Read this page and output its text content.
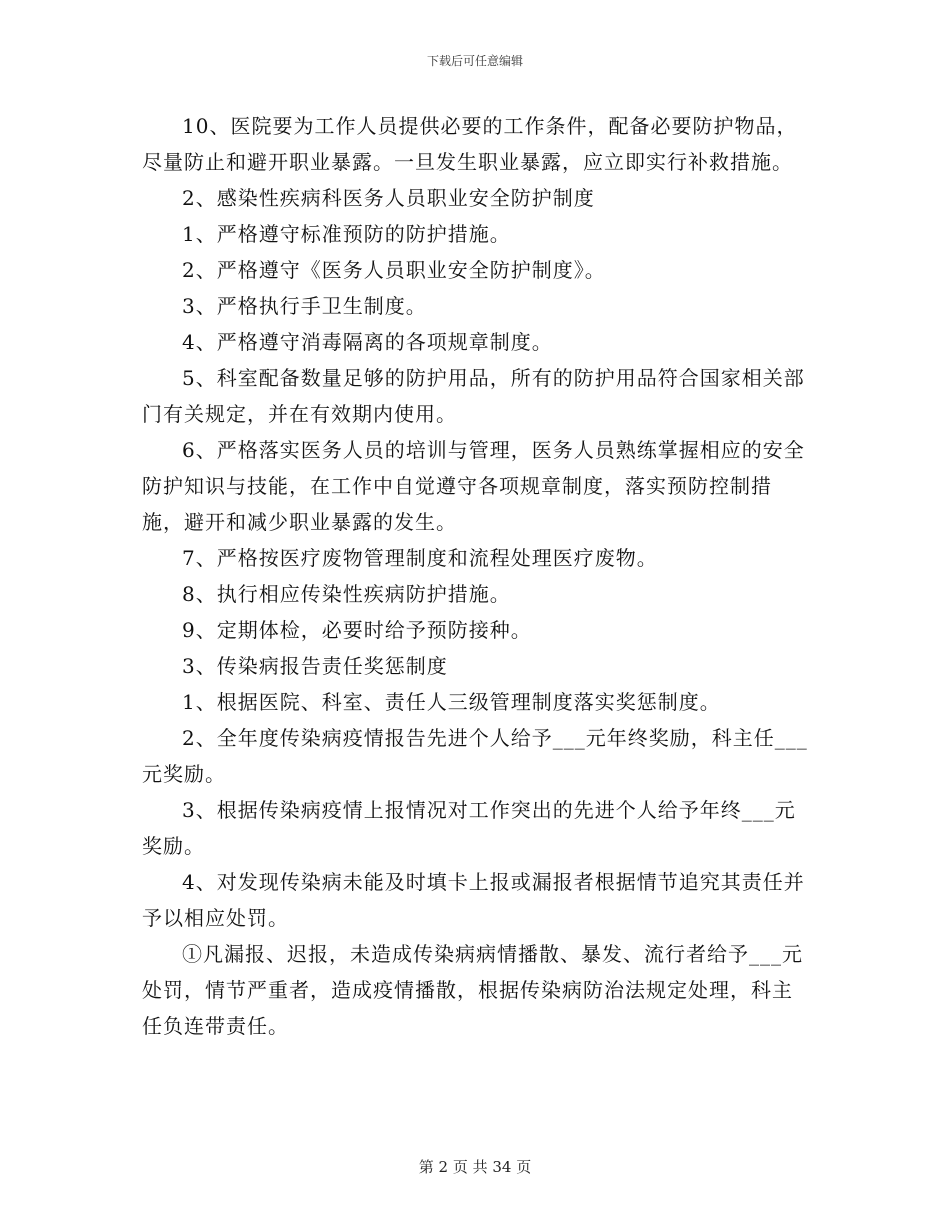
下载后可任意编辑

10、医院要为工作人员提供必要的工作条件，配备必要防护物品，尽量防止和避开职业暴露。一旦发生职业暴露，应立即实行补救措施。

2、感染性疾病科医务人员职业安全防护制度

1、严格遵守标准预防的防护措施。

2、严格遵守《医务人员职业安全防护制度》。

3、严格执行手卫生制度。

4、严格遵守消毒隔离的各项规章制度。

5、科室配备数量足够的防护用品，所有的防护用品符合国家相关部门有关规定，并在有效期内使用。

6、严格落实医务人员的培训与管理，医务人员熟练掌握相应的安全防护知识与技能，在工作中自觉遵守各项规章制度，落实预防控制措施，避开和减少职业暴露的发生。

7、严格按医疗废物管理制度和流程处理医疗废物。

8、执行相应传染性疾病防护措施。

9、定期体检，必要时给予预防接种。

3、传染病报告责任奖惩制度

1、根据医院、科室、责任人三级管理制度落实奖惩制度。

2、全年度传染病疫情报告先进个人给予___元年终奖励，科主任___元奖励。

3、根据传染病疫情上报情况对工作突出的先进个人给予年终___元奖励。

4、对发现传染病未能及时填卡上报或漏报者根据情节追究其责任并予以相应处罚。

①凡漏报、迟报，未造成传染病病情播散、暴发、流行者给予___元处罚，情节严重者，造成疫情播散，根据传染病防治法规定处理，科主任负连带责任。

第 2 页 共 34 页
